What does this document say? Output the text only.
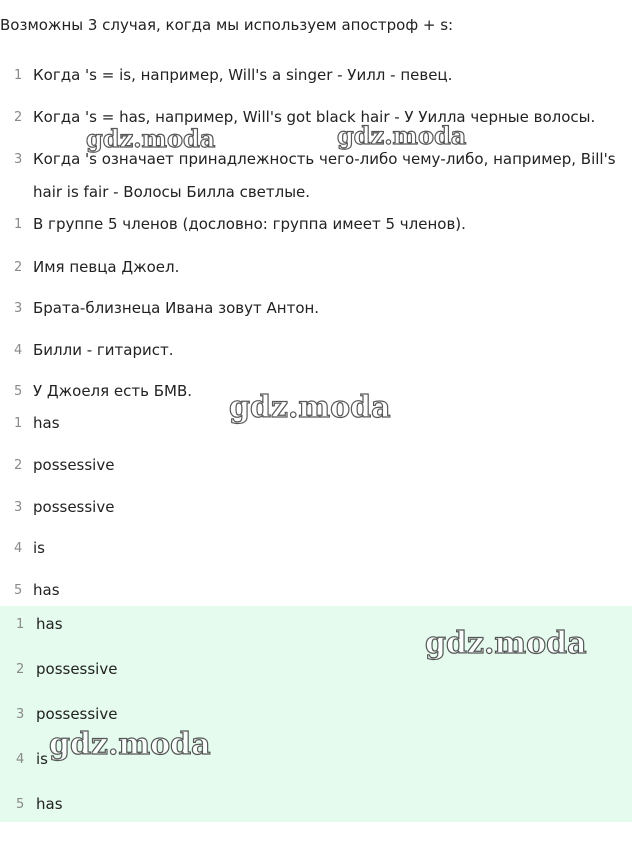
Возможны 3 случая, когда мы используем апостроф + s:
1 Когда 's = is, например, Will's a singer - Уилл - певец.
2 Когда 's = has, например, Will's got black hair - У Уилла черные волосы.
3 Когда 's означает принадлежность чего-либо чему-либо, например, Bill's
hair is fair - Волосы Билла светлые.
1 В группе 5 членов (дословно: группа имеет 5 членов).
2 Имя певца Джоел.
3 Брата-близнеца Ивана зовут Антон.
4 Билли - гитарист.
5 У Джоеля есть БМВ.
1 has
2 possessive
3 possessive
4 is
5 has
1 has
2 possessive
3 possessive
4 is
5 has
gdz.moda	gdz.moda
gdz.moda
gdz.moda
gdz.moda
